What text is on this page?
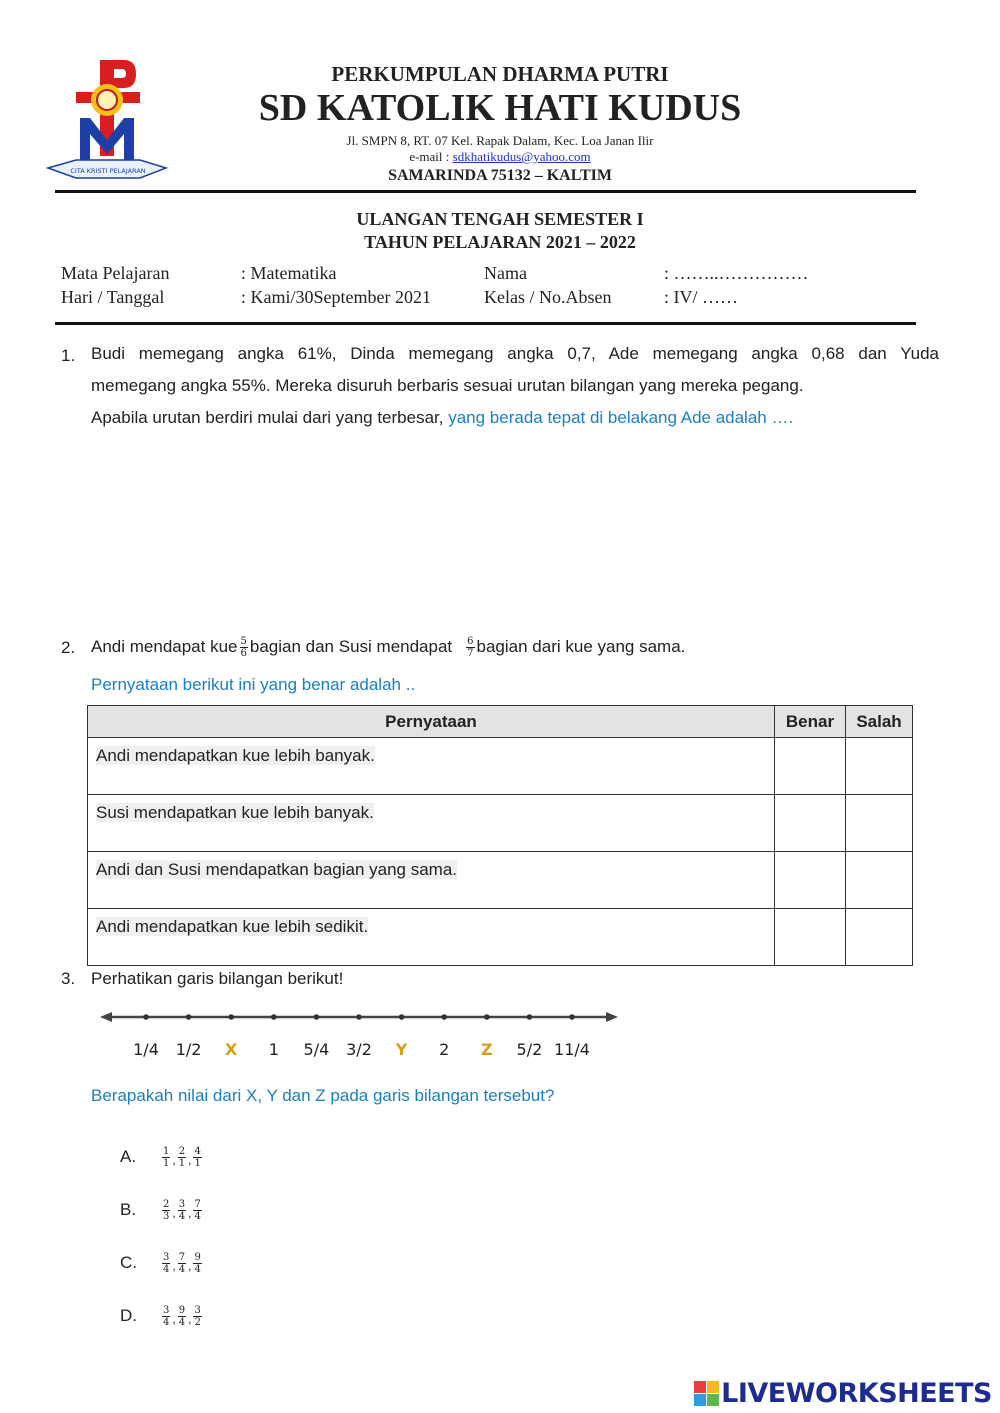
CITA KRISTI PELAJARAN
PERKUMPULAN DHARMA PUTRI
SD KATOLIK HATI KUDUS
Jl. SMPN 8, RT. 07 Kel. Rapak Dalam, Kec. Loa Janan Ilir
e-mail : sdkhatikudus@yahoo.com
SAMARINDA 75132 – KALTIM
ULANGAN TENGAH SEMESTER I
TAHUN PELAJARAN 2021 – 2022
Mata Pelajaran	: Matematika	Nama	: ……..……………
Hari / Tanggal	: Kami/30September 2021	Kelas / No.Absen	: IV/ ……
1. Budi memegang angka 61%, Dinda memegang angka 0,7, Ade memegang angka 0,68 dan Yuda
memegang angka 55%. Mereka disuruh berbaris sesuai urutan bilangan yang mereka pegang.
Apabila urutan berdiri mulai dari yang terbesar, yang berada tepat di belakang Ade adalah ….
2. Andi mendapat kue $\frac{5}{6}$ bagian dan Susi mendapat $\frac{6}{7}$ bagian dari kue yang sama.
Pernyataan berikut ini yang benar adalah ..
Pernyataan	Benar	Salah
Andi mendapatkan kue lebih banyak.		
Susi mendapatkan kue lebih banyak.		
Andi dan Susi mendapatkan bagian yang sama.		
Andi mendapatkan kue lebih sedikit.		
3. Perhatikan garis bilangan berikut!
1/4 1/2 X 1 5/4 3/2 Y 2 Z 5/2 11/4
Berapakah nilai dari X, Y dan Z pada garis bilangan tersebut?
A.	$\frac{1}{1}$ , $\frac{2}{1}$ , $\frac{4}{1}$
B.	$\frac{2}{3}$ , $\frac{3}{4}$ , $\frac{7}{4}$
C.	$\frac{3}{4}$ , $\frac{7}{4}$ , $\frac{9}{4}$
D.	$\frac{3}{4}$ , $\frac{9}{4}$ , $\frac{3}{2}$
LIVEWORKSHEETS
